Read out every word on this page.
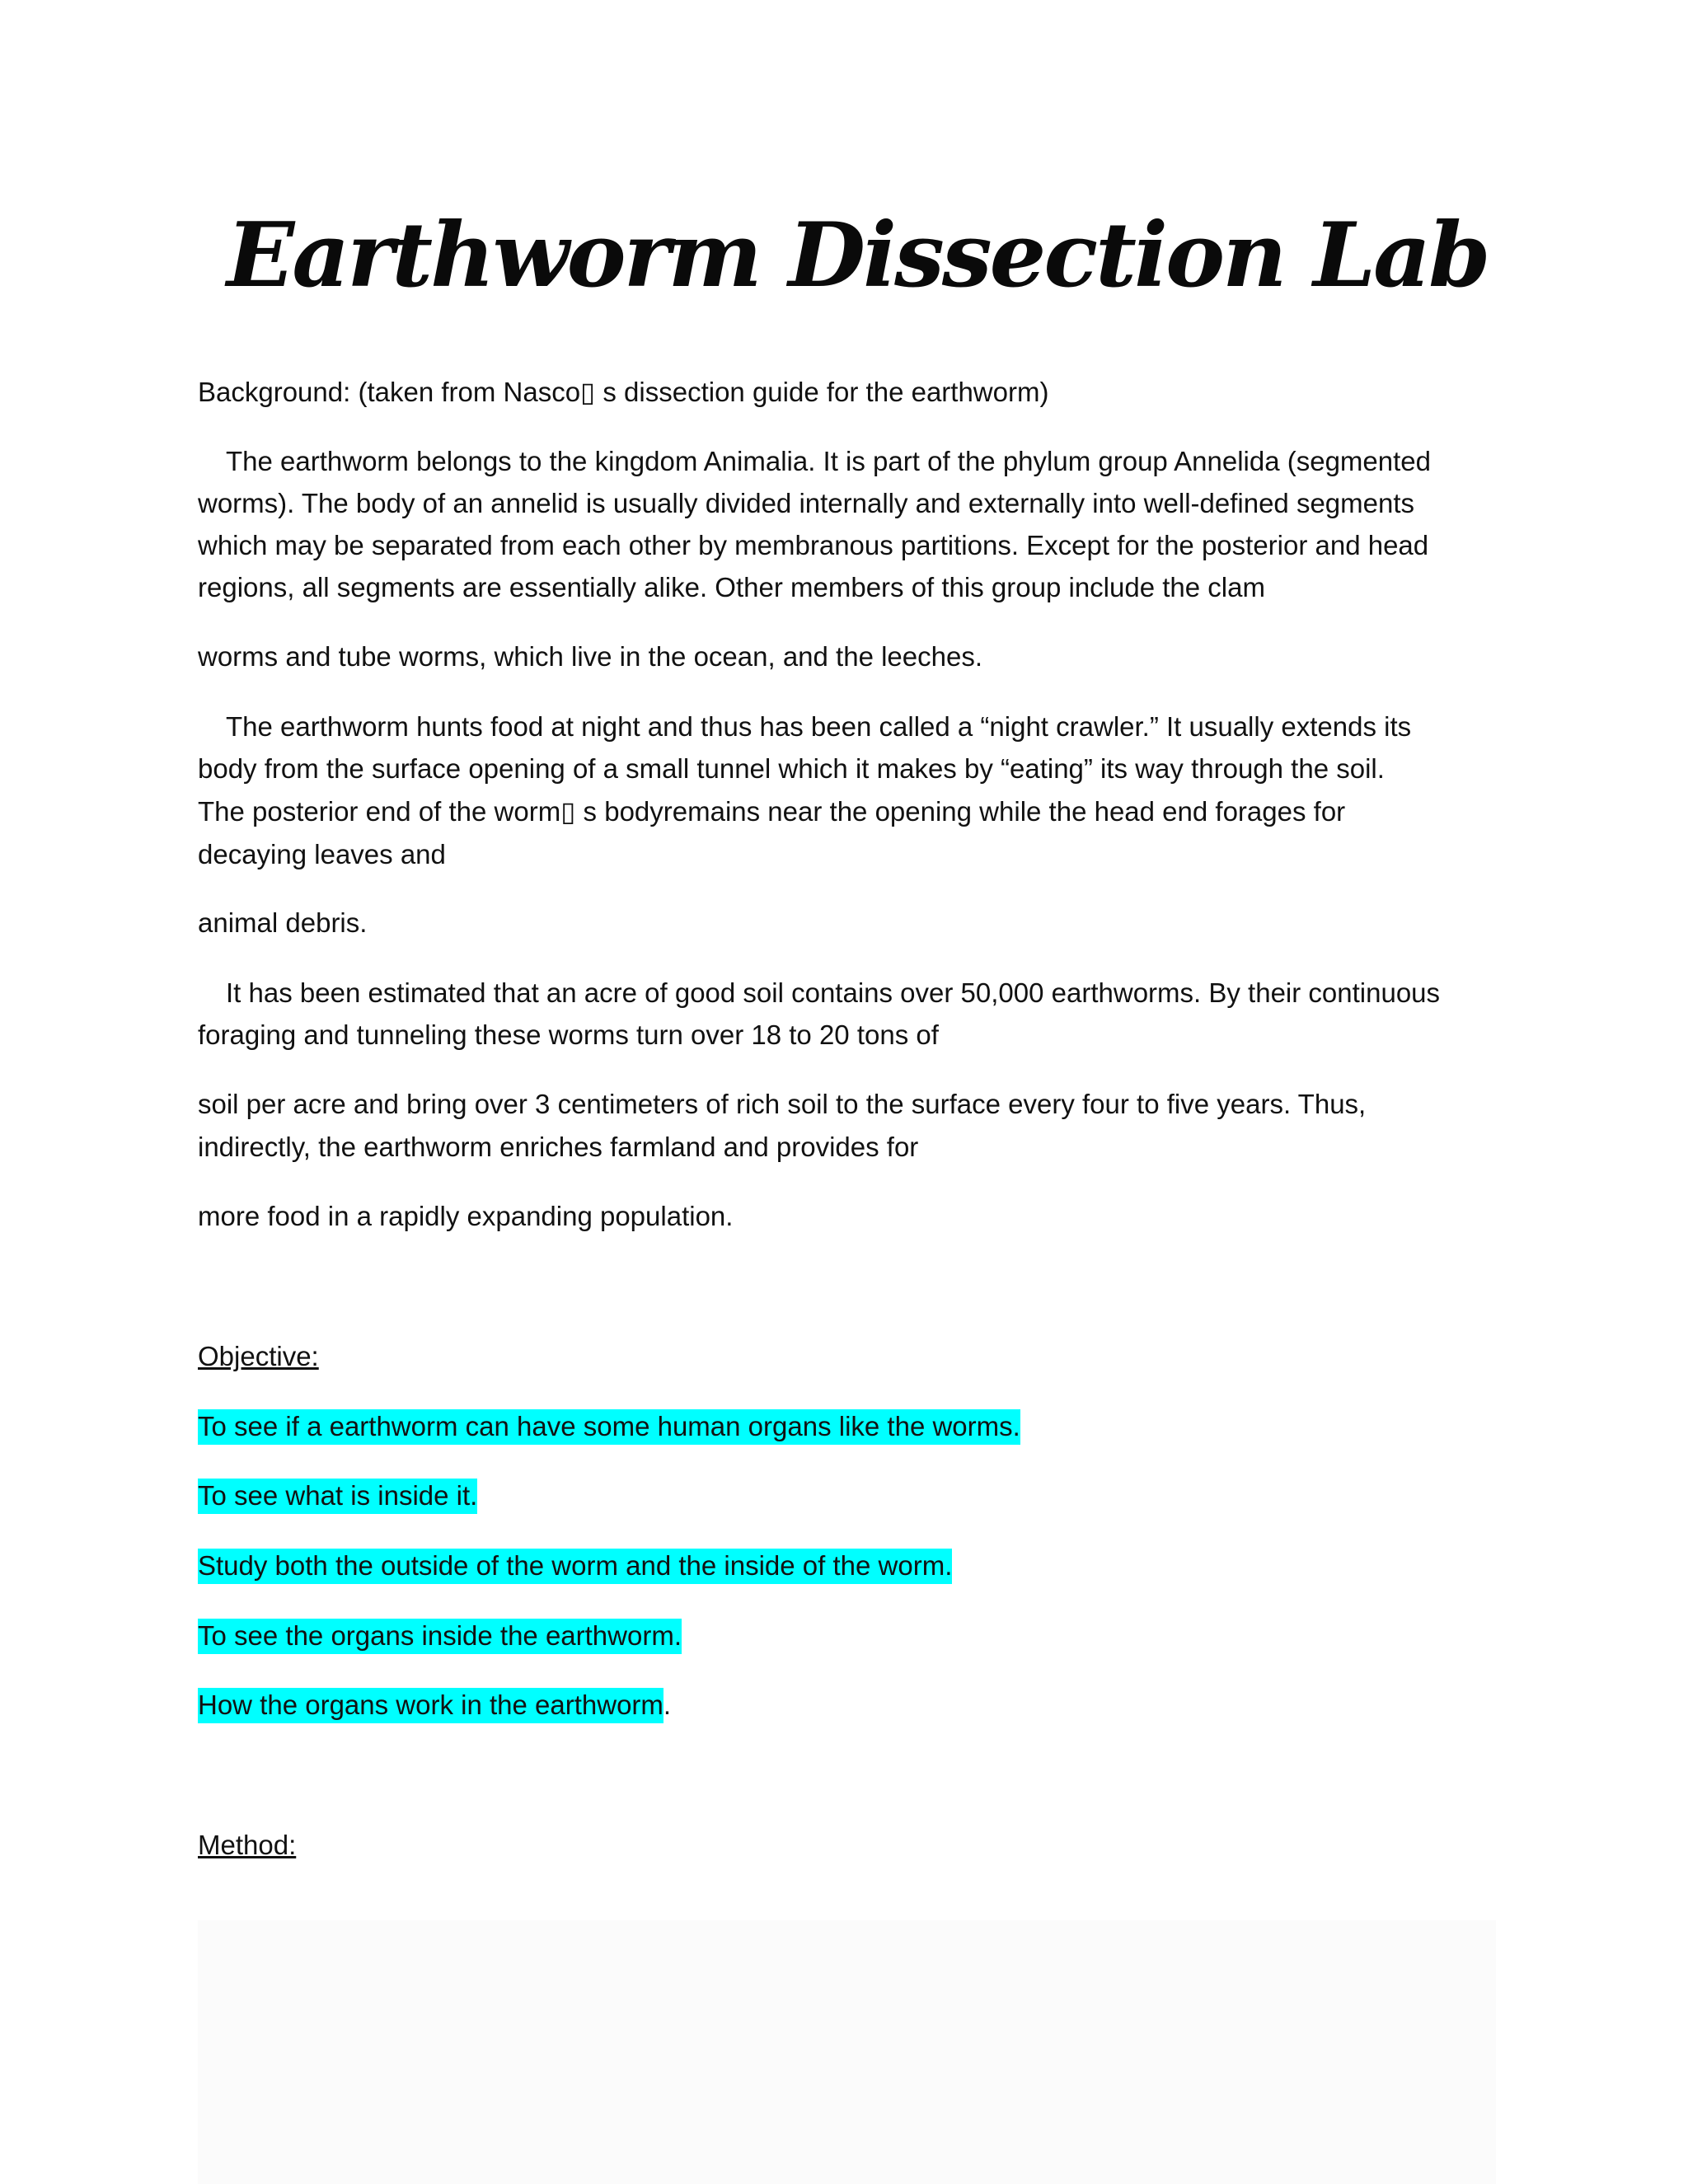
Earthworm Dissection Lab
Background: (taken from Nasco▯ s dissection guide for the earthworm)
The earthworm belongs to the kingdom Animalia. It is part of the phylum group Annelida (segmented
worms). The body of an annelid is usually divided internally and externally into well-defined segments
which may be separated from each other by membranous partitions. Except for the posterior and head
regions, all segments are essentially alike. Other members of this group include the clam
worms and tube worms, which live in the ocean, and the leeches.
The earthworm hunts food at night and thus has been called a “night crawler.” It usually extends its
body from the surface opening of a small tunnel which it makes by “eating” its way through the soil.
The posterior end of the worm▯ s bodyremains near the opening while the head end forages for
decaying leaves and
animal debris.
It has been estimated that an acre of good soil contains over 50,000 earthworms. By their continuous
foraging and tunneling these worms turn over 18 to 20 tons of
soil per acre and bring over 3 centimeters of rich soil to the surface every four to five years. Thus,
indirectly, the earthworm enriches farmland and provides for
more food in a rapidly expanding population.
Objective:
To see if a earthworm can have some human organs like the worms.
To see what is inside it.
Study both the outside of the worm and the inside of the worm.
To see the organs inside the earthworm.
How the organs work in the earthworm.
Method:
